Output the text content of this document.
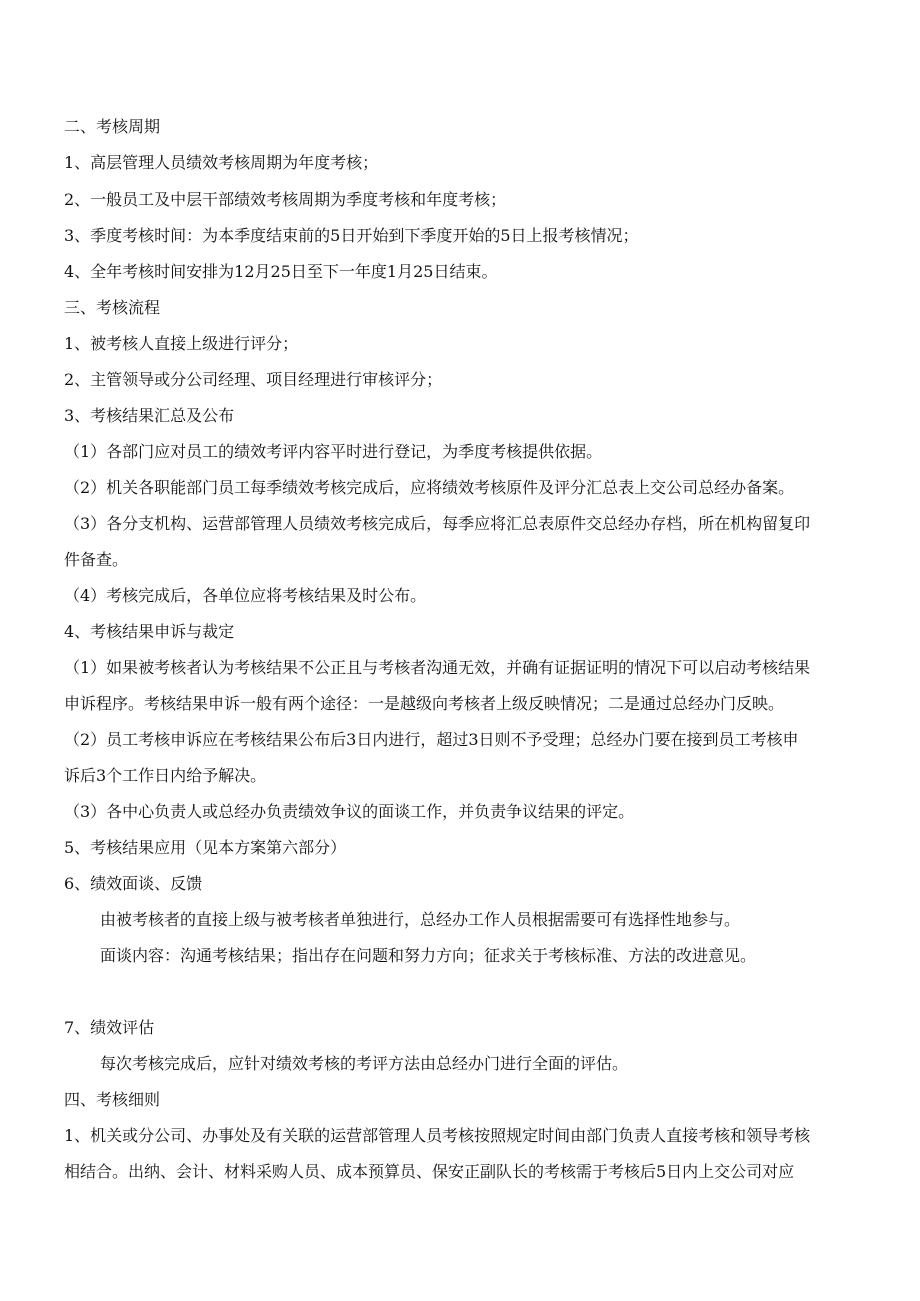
二、考核周期
1、高层管理人员绩效考核周期为年度考核；
2、一般员工及中层干部绩效考核周期为季度考核和年度考核；
3、季度考核时间：为本季度结束前的5日开始到下季度开始的5日上报考核情况；
4、全年考核时间安排为12月25日至下一年度1月25日结束。
三、考核流程
1、被考核人直接上级进行评分；
2、主管领导或分公司经理、项目经理进行审核评分；
3、考核结果汇总及公布
（1）各部门应对员工的绩效考评内容平时进行登记，为季度考核提供依据。
（2）机关各职能部门员工每季绩效考核完成后，应将绩效考核原件及评分汇总表上交公司总经办备案。
（3）各分支机构、运营部管理人员绩效考核完成后，每季应将汇总表原件交总经办存档，所在机构留复印
件备查。
（4）考核完成后，各单位应将考核结果及时公布。
4、考核结果申诉与裁定
（1）如果被考核者认为考核结果不公正且与考核者沟通无效，并确有证据证明的情况下可以启动考核结果
申诉程序。考核结果申诉一般有两个途径：一是越级向考核者上级反映情况；二是通过总经办门反映。
（2）员工考核申诉应在考核结果公布后3日内进行，超过3日则不予受理；总经办门要在接到员工考核申
诉后3个工作日内给予解决。
（3）各中心负责人或总经办负责绩效争议的面谈工作，并负责争议结果的评定。
5、考核结果应用（见本方案第六部分）
6、绩效面谈、反馈
由被考核者的直接上级与被考核者单独进行，总经办工作人员根据需要可有选择性地参与。
面谈内容：沟通考核结果；指出存在问题和努力方向；征求关于考核标准、方法的改进意见。
7、绩效评估
每次考核完成后，应针对绩效考核的考评方法由总经办门进行全面的评估。
四、考核细则
1、机关或分公司、办事处及有关联的运营部管理人员考核按照规定时间由部门负责人直接考核和领导考核
相结合。出纳、会计、材料采购人员、成本预算员、保安正副队长的考核需于考核后5日内上交公司对应
